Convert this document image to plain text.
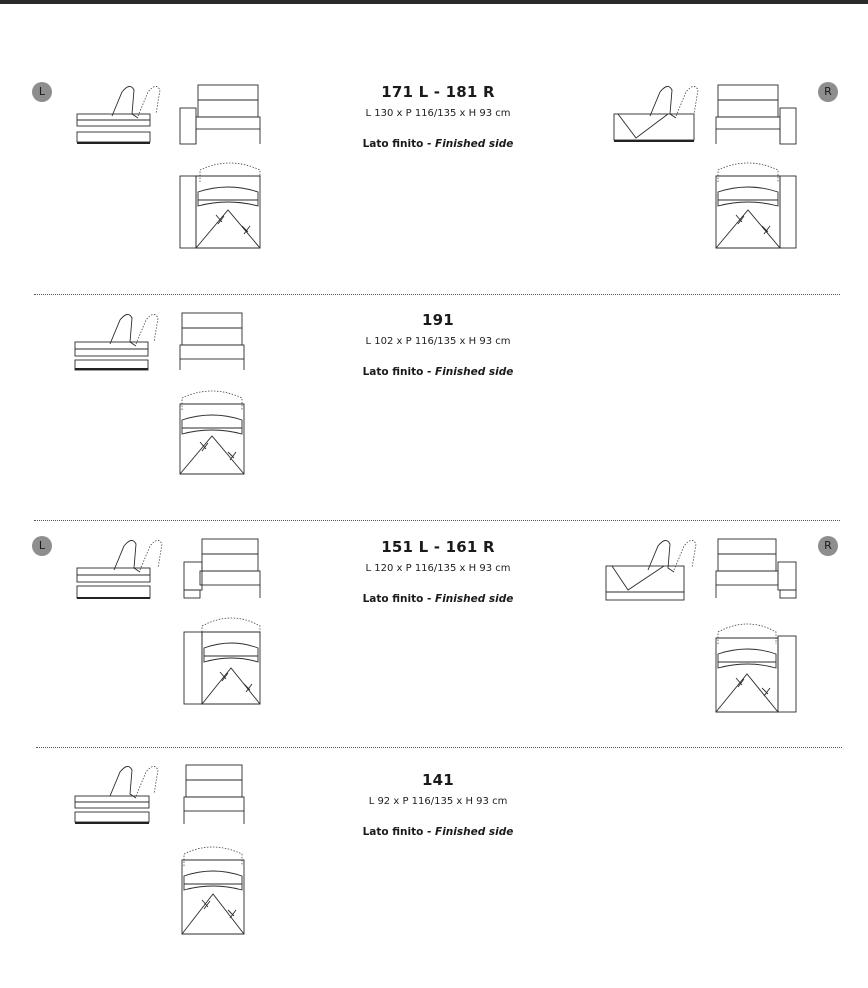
L	171 L - 181 R
L 130 x P 116/135 x H 93 cm
Lato finito - Finished side
R
191
L 102 x P 116/135 x H 93 cm
Lato finito - Finished side
L	151 L - 161 R
L 120 x P 116/135 x H 93 cm
Lato finito - Finished side
R
141
L 92 x P 116/135 x H 93 cm
Lato finito - Finished side
